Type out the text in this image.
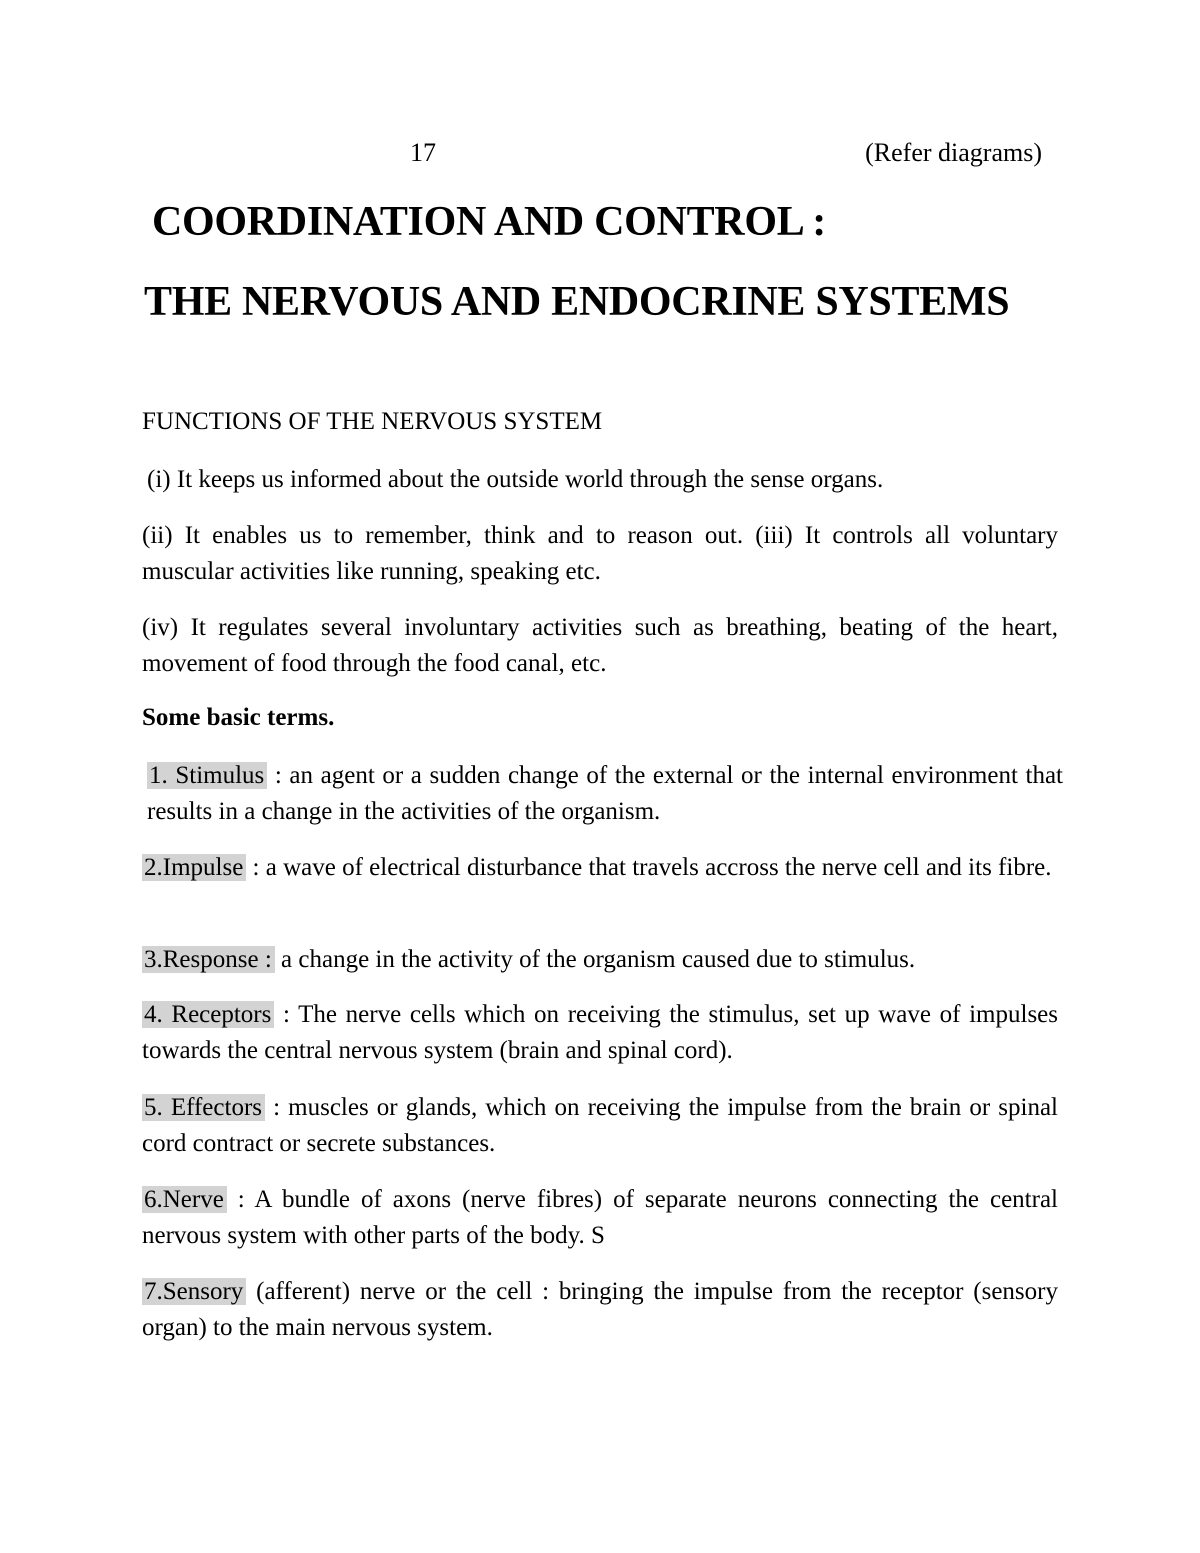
17	(Refer diagrams)
COORDINATION AND CONTROL :
THE NERVOUS AND ENDOCRINE SYSTEMS
FUNCTIONS OF THE NERVOUS SYSTEM

(i) It keeps us informed about the outside world through the sense organs.

(ii) It enables us to remember, think and to reason out. (iii) It controls all voluntary muscular activities like running, speaking etc.

(iv) It regulates several involuntary activities such as breathing, beating of the heart, movement of food through the food canal, etc.

Some basic terms.

1. Stimulus : an agent or a sudden change of the external or the internal environment that results in a change in the activities of the organism.

2.Impulse : a wave of electrical disturbance that travels accross the nerve cell and its fibre.

3.Response : a change in the activity of the organism caused due to stimulus.

4. Receptors : The nerve cells which on receiving the stimulus, set up wave of impulses towards the central nervous system (brain and spinal cord).

5. Effectors : muscles or glands, which on receiving the impulse from the brain or spinal cord contract or secrete substances.

6.Nerve : A bundle of axons (nerve fibres) of separate neurons connecting the central nervous system with other parts of the body. S

7.Sensory (afferent) nerve or the cell : bringing the impulse from the receptor (sensory organ) to the main nervous system.
